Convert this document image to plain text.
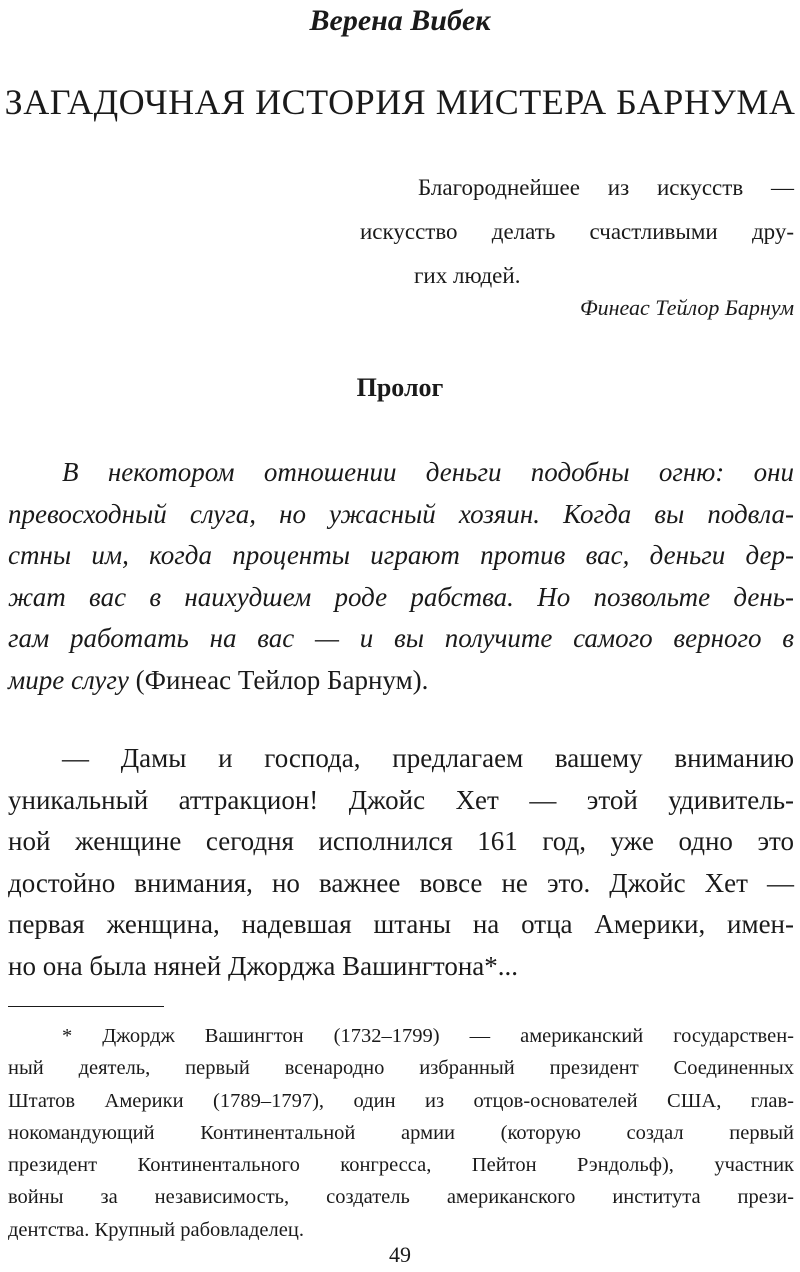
Верена Вибек
ЗАГАДОЧНАЯ ИСТОРИЯ МИСТЕРА БАРНУМА
Благороднейшее из искусств —
искусство делать счастливыми дру-
гих людей.
Финеас Тейлор Барнум
Пролог
В некотором отношении деньги подобны огню: они
превосходный слуга, но ужасный хозяин. Когда вы подвла-
стны им, когда проценты играют против вас, деньги дер-
жат вас в наихудшем роде рабства. Но позвольте день-
гам работать на вас — и вы получите самого верного в
мире слугу (Финеас Тейлор Барнум).
— Дамы и господа, предлагаем вашему вниманию
уникальный аттракцион! Джойс Хет — этой удивитель-
ной женщине сегодня исполнился 161 год, уже одно это
достойно внимания, но важнее вовсе не это. Джойс Хет —
первая женщина, надевшая штаны на отца Америки, имен-
но она была няней Джорджа Вашингтона*...
* Джордж Вашингтон (1732–1799) — американский государствен-
ный деятель, первый всенародно избранный президент Соединенных
Штатов Америки (1789–1797), один из отцов-основателей США, глав-
нокомандующий Континентальной армии (которую создал первый
президент Континентального конгресса, Пейтон Рэндольф), участник
войны за независимость, создатель американского института прези-
дентства. Крупный рабовладелец.
49
